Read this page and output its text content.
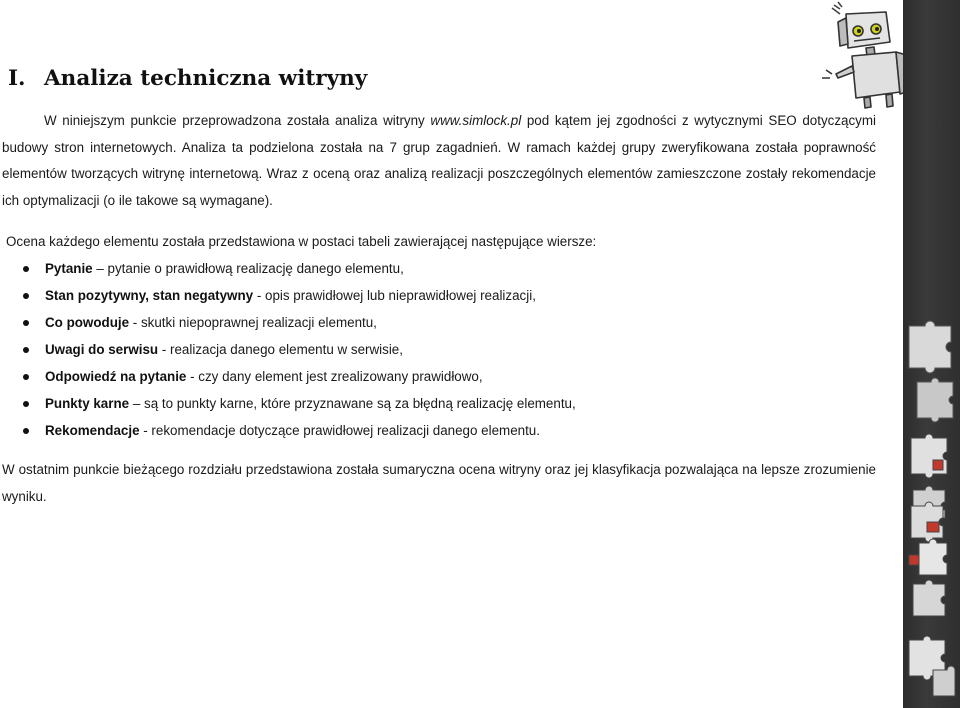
I. Analiza techniczna witryny

W niniejszym punkcie przeprowadzona została analiza witryny www.simlock.pl pod kątem jej zgodności z wytycznymi SEO dotyczącymi budowy stron internetowych. Analiza ta podzielona została na 7 grup zagadnień. W ramach każdej grupy zweryfikowana została poprawność elementów tworzących witrynę internetową. Wraz z oceną oraz analizą realizacji poszczególnych elementów zamieszczone zostały rekomendacje ich optymalizacji (o ile takowe są wymagane).

Ocena każdego elementu została przedstawiona w postaci tabeli zawierającej następujące wiersze:

Pytanie – pytanie o prawidłową realizację danego elementu,
Stan pozytywny, stan negatywny - opis prawidłowej lub nieprawidłowej realizacji,
Co powoduje - skutki niepoprawnej realizacji elementu,
Uwagi do serwisu - realizacja danego elementu w serwisie,
Odpowiedź na pytanie - czy dany element jest zrealizowany prawidłowo,
Punkty karne – są to punkty karne, które przyznawane są za błędną realizację elementu,
Rekomendacje - rekomendacje dotyczące prawidłowej realizacji danego elementu.

W ostatnim punkcie bieżącego rozdziału przedstawiona została sumaryczna ocena witryny oraz jej klasyfikacja pozwalająca na lepsze zrozumienie
wyniku.
